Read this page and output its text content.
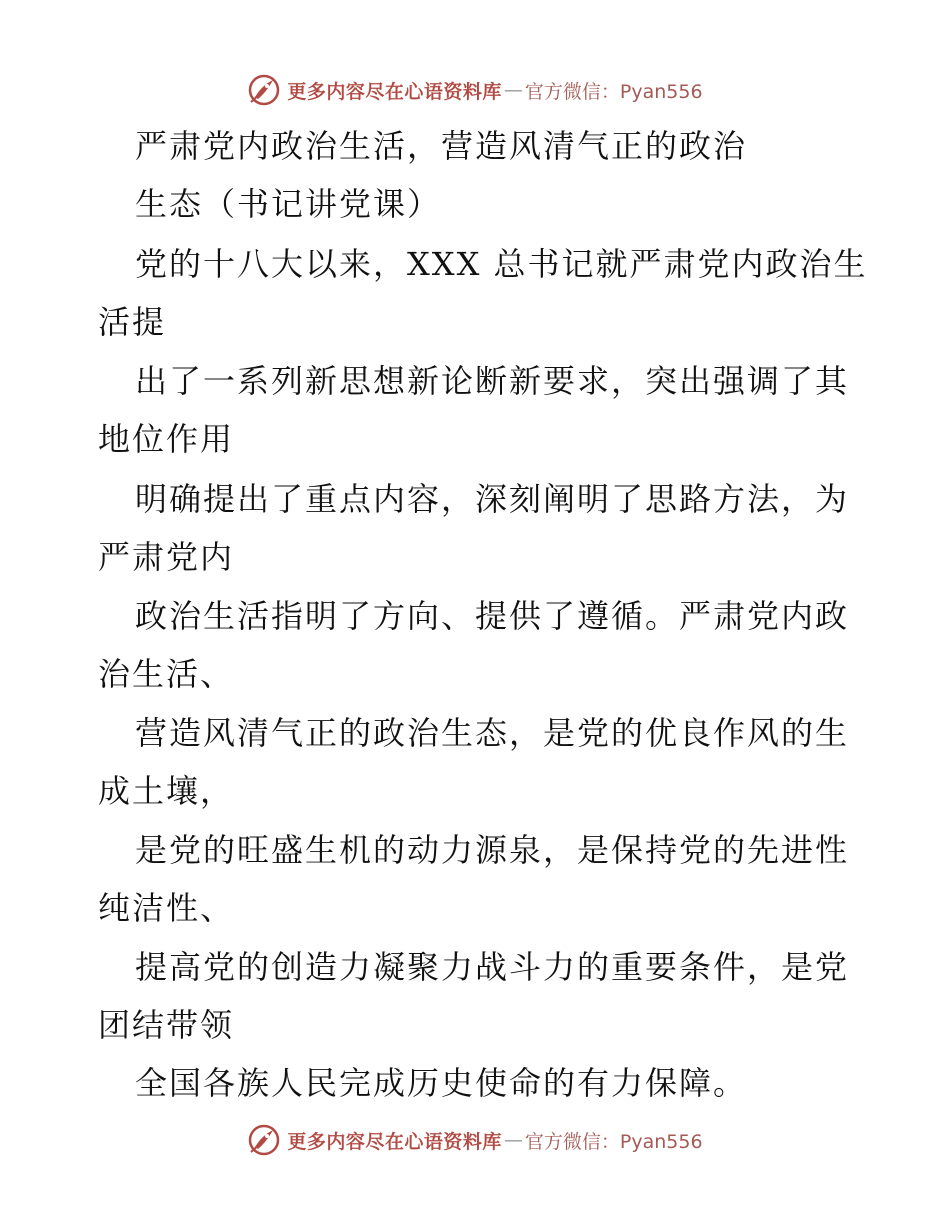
更多内容尽在心语资料库 — 官方微信：Pyan556
严肃党内政治生活，营造风清气正的政治
生态（书记讲党课）
党的十八大以来，XXX 总书记就严肃党内政治生
活提
出了一系列新思想新论断新要求，突出强调了其
地位作用
明确提出了重点内容，深刻阐明了思路方法，为
严肃党内
政治生活指明了方向、提供了遵循。严肃党内政
治生活、
营造风清气正的政治生态，是党的优良作风的生
成土壤，
是党的旺盛生机的动力源泉，是保持党的先进性
纯洁性、
提高党的创造力凝聚力战斗力的重要条件，是党
团结带领
全国各族人民完成历史使命的有力保障。
更多内容尽在心语资料库 — 官方微信：Pyan556
